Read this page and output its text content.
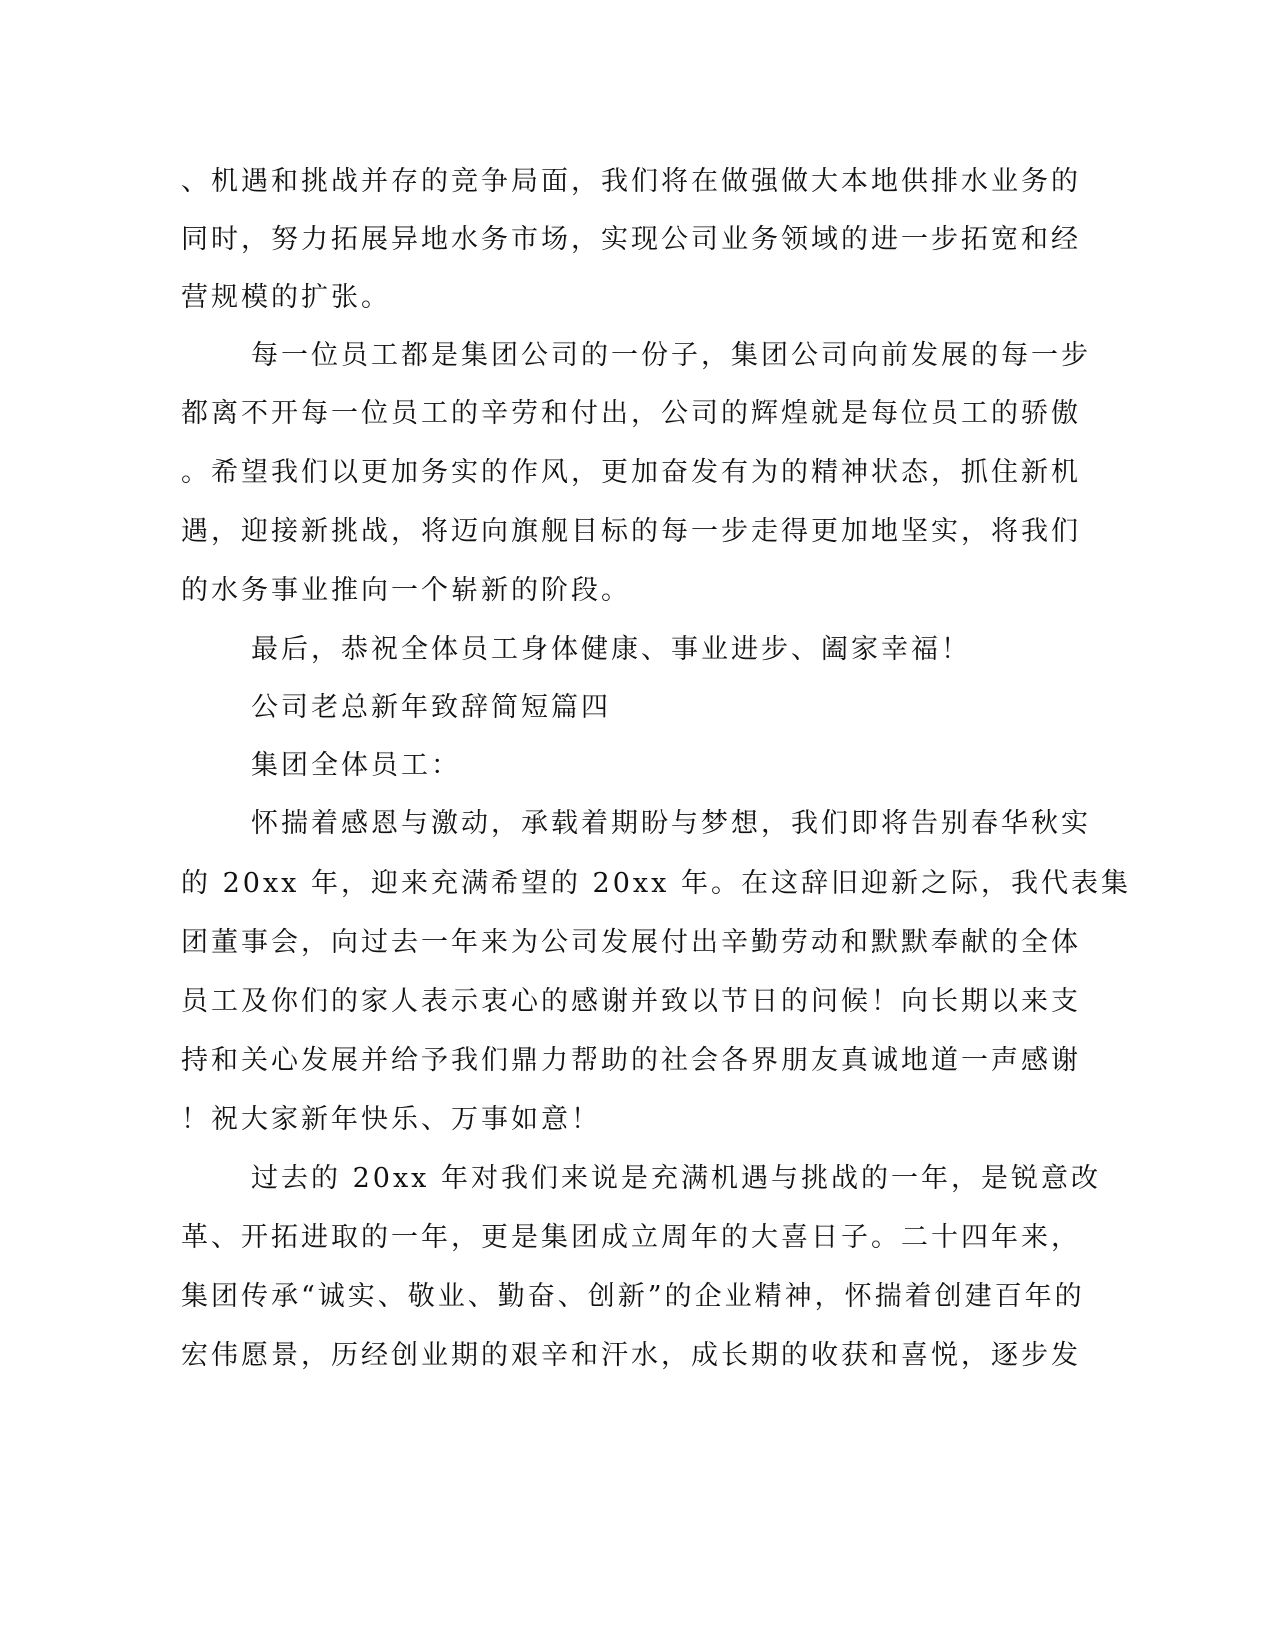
、机遇和挑战并存的竞争局面，我们将在做强做大本地供排水业务的
同时，努力拓展异地水务市场，实现公司业务领域的进一步拓宽和经
营规模的扩张。
每一位员工都是集团公司的一份子，集团公司向前发展的每一步
都离不开每一位员工的辛劳和付出，公司的辉煌就是每位员工的骄傲
。希望我们以更加务实的作风，更加奋发有为的精神状态，抓住新机
遇，迎接新挑战，将迈向旗舰目标的每一步走得更加地坚实，将我们
的水务事业推向一个崭新的阶段。
最后，恭祝全体员工身体健康、事业进步、阖家幸福！
公司老总新年致辞简短篇四
集团全体员工：
怀揣着感恩与激动，承载着期盼与梦想，我们即将告别春华秋实
的 20xx 年，迎来充满希望的 20xx 年。在这辞旧迎新之际，我代表集
团董事会，向过去一年来为公司发展付出辛勤劳动和默默奉献的全体
员工及你们的家人表示衷心的感谢并致以节日的问候！向长期以来支
持和关心发展并给予我们鼎力帮助的社会各界朋友真诚地道一声感谢
！祝大家新年快乐、万事如意！
过去的 20xx 年对我们来说是充满机遇与挑战的一年，是锐意改
革、开拓进取的一年，更是集团成立周年的大喜日子。二十四年来，
集团传承“诚实、敬业、勤奋、创新”的企业精神，怀揣着创建百年的
宏伟愿景，历经创业期的艰辛和汗水，成长期的收获和喜悦，逐步发
